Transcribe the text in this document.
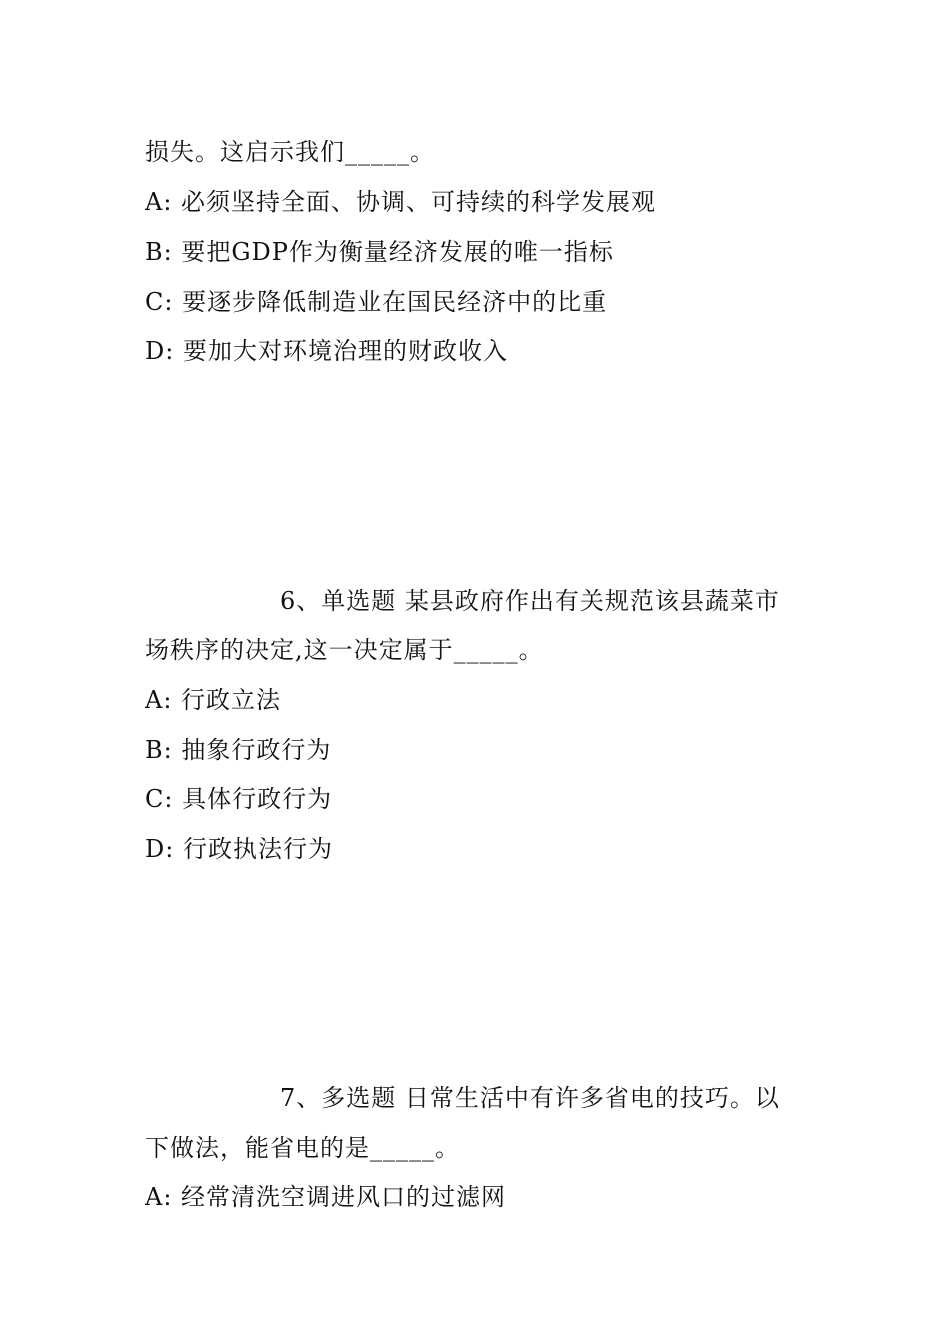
损失。这启示我们_____。
A: 必须坚持全面、协调、可持续的科学发展观
B: 要把GDP作为衡量经济发展的唯一指标
C: 要逐步降低制造业在国民经济中的比重
D: 要加大对环境治理的财政收入
6、单选题 某县政府作出有关规范该县蔬菜市
场秩序的决定,这一决定属于_____。
A: 行政立法
B: 抽象行政行为
C: 具体行政行为
D: 行政执法行为
7、多选题 日常生活中有许多省电的技巧。以
下做法，能省电的是_____。
A: 经常清洗空调进风口的过滤网
